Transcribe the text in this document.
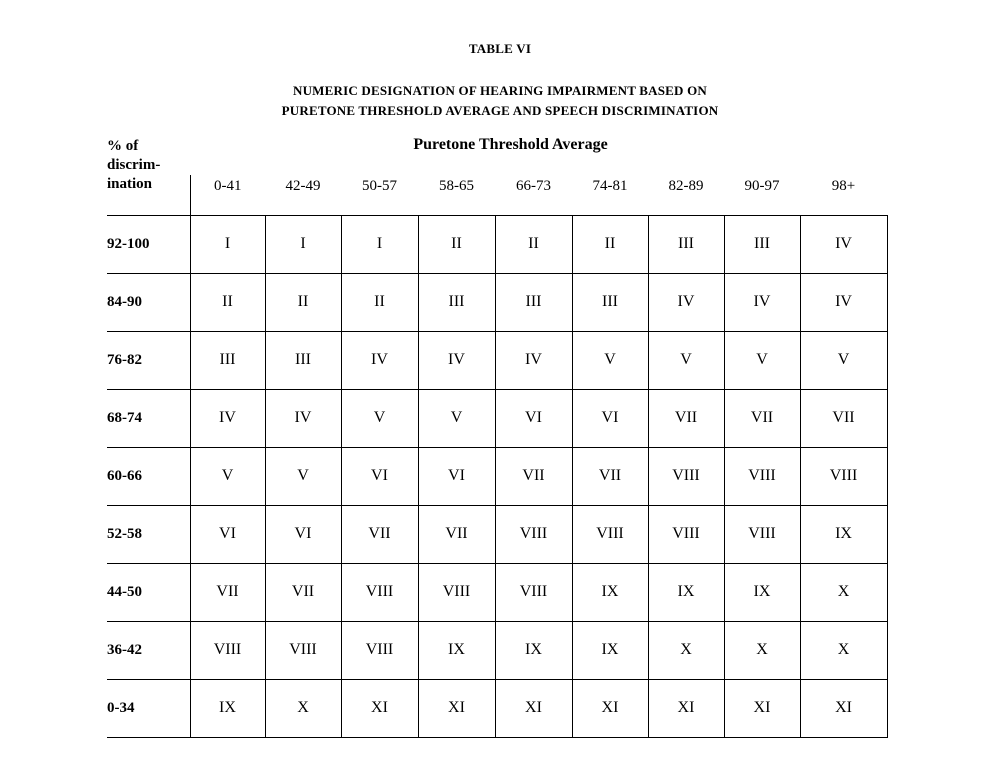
TABLE VI
NUMERIC DESIGNATION OF HEARING IMPAIRMENT BASED ON
PURETONE THRESHOLD AVERAGE AND SPEECH DISCRIMINATION
% of
discrim-
ination	Puretone Threshold Average								
	0-41	42-49	50-57	58-65	66-73	74-81	82-89	90-97	98+
92-100	I	I	I	II	II	II	III	III	IV
84-90	II	II	II	III	III	III	IV	IV	IV
76-82	III	III	IV	IV	IV	V	V	V	V
68-74	IV	IV	V	V	VI	VI	VII	VII	VII
60-66	V	V	VI	VI	VII	VII	VIII	VIII	VIII
52-58	VI	VI	VII	VII	VIII	VIII	VIII	VIII	IX
44-50	VII	VII	VIII	VIII	VIII	IX	IX	IX	X
36-42	VIII	VIII	VIII	IX	IX	IX	X	X	X
0-34	IX	X	XI	XI	XI	XI	XI	XI	XI
